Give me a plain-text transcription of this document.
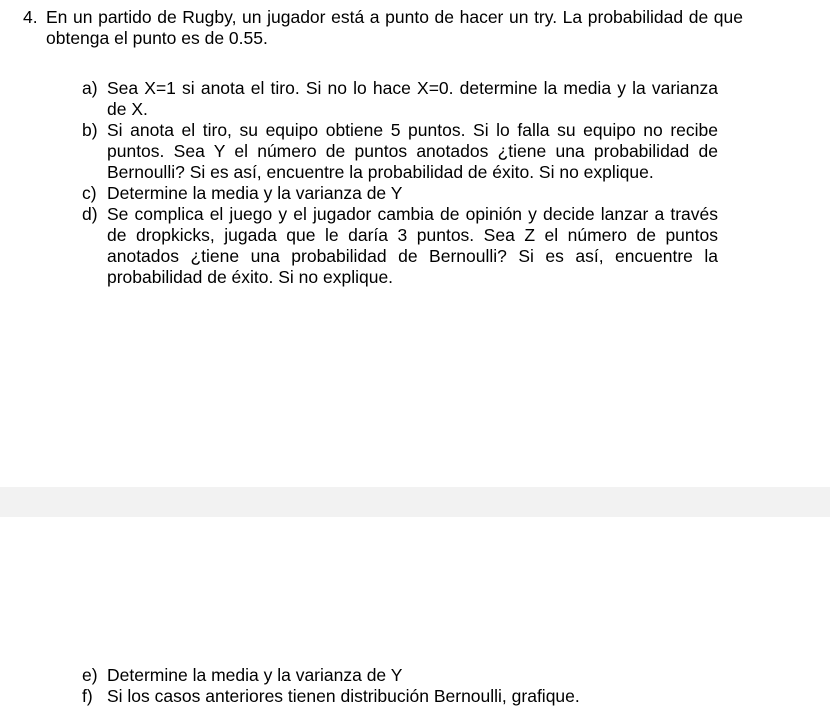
4. En un partido de Rugby, un jugador está a punto de hacer un try. La probabilidad de que obtenga el punto es de 0.55.
a) Sea X=1 si anota el tiro. Si no lo hace X=0. determine la media y la varianza de X.
b) Si anota el tiro, su equipo obtiene 5 puntos. Si lo falla su equipo no recibe puntos. Sea Y el número de puntos anotados ¿tiene una probabilidad de Bernoulli? Si es así, encuentre la probabilidad de éxito. Si no explique.
c) Determine la media y la varianza de Y
d) Se complica el juego y el jugador cambia de opinión y decide lanzar a través de dropkicks, jugada que le daría 3 puntos. Sea Z el número de puntos anotados ¿tiene una probabilidad de Bernoulli? Si es así, encuentre la probabilidad de éxito. Si no explique.
e) Determine la media y la varianza de Y
f) Si los casos anteriores tienen distribución Bernoulli, grafique.
